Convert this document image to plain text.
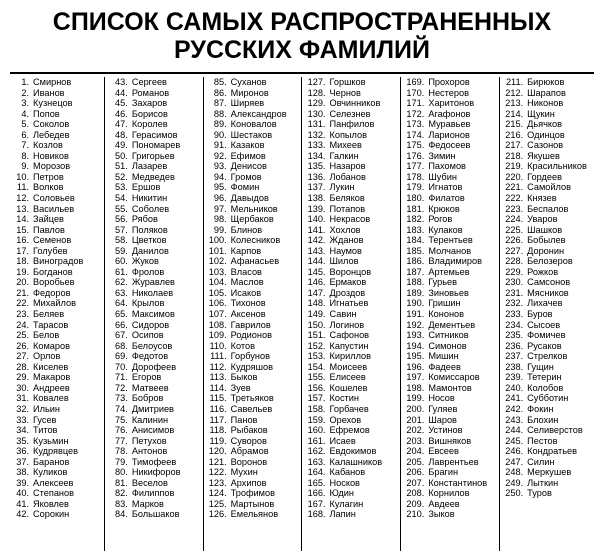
СПИСОК САМЫХ РАСПРОСТРАНЕННЫХ
РУССКИХ ФАМИЛИЙ
1. Смирнов
2. Иванов
3. Кузнецов
4. Попов
5. Соколов
6. Лебедев
7. Козлов
8. Новиков
9. Морозов
10. Петров
11. Волков
12. Соловьев
13. Васильев
14. Зайцев
15. Павлов
16. Семенов
17. Голубев
18. Виноградов
19. Богданов
20. Воробьев
21. Федоров
22. Михайлов
23. Беляев
24. Тарасов
25. Белов
26. Комаров
27. Орлов
28. Киселев
29. Макаров
30. Андреев
31. Ковалев
32. Ильин
33. Гусев
34. Титов
35. Кузьмин
36. Кудрявцев
37. Баранов
38. Куликов
39. Алексеев
40. Степанов
41. Яковлев
42. Сорокин
43. Сергеев
44. Романов
45. Захаров
46. Борисов
47. Королев
48. Герасимов
49. Пономарев
50. Григорьев
51. Лазарев
52. Медведев
53. Ершов
54. Никитин
55. Соболев
56. Рябов
57. Поляков
58. Цветков
59. Данилов
60. Жуков
61. Фролов
62. Журавлев
63. Николаев
64. Крылов
65. Максимов
66. Сидоров
67. Осипов
68. Белоусов
69. Федотов
70. Дорофеев
71. Егоров
72. Матвеев
73. Бобров
74. Дмитриев
75. Калинин
76. Анисимов
77. Петухов
78. Антонов
79. Тимофеев
80. Никифоров
81. Веселов
82. Филиппов
83. Марков
84. Большаков
85. Суханов
86. Миронов
87. Ширяев
88. Александров
89. Коновалов
90. Шестаков
91. Казаков
92. Ефимов
93. Денисов
94. Громов
95. Фомин
96. Давыдов
97. Мельников
98. Щербаков
99. Блинов
100. Колесников
101. Карпов
102. Афанасьев
103. Власов
104. Маслов
105. Исаков
106. Тихонов
107. Аксенов
108. Гаврилов
109. Родионов
110. Котов
111. Горбунов
112. Кудряшов
113. Быков
114. Зуев
115. Третьяков
116. Савельев
117. Панов
118. Рыбаков
119. Суворов
120. Абрамов
121. Воронов
122. Мухин
123. Архипов
124. Трофимов
125. Мартынов
126. Емельянов
127. Горшков
128. Чернов
129. Овчинников
130. Селезнев
131. Панфилов
132. Копылов
133. Михеев
134. Галкин
135. Назаров
136. Лобанов
137. Лукин
138. Беляков
139. Потапов
140. Некрасов
141. Хохлов
142. Жданов
143. Наумов
144. Шилов
145. Воронцов
146. Ермаков
147. Дроздов
148. Игнатьев
149. Савин
150. Логинов
151. Сафонов
152. Капустин
153. Кириллов
154. Моисеев
155. Елисеев
156. Кошелев
157. Костин
158. Горбачев
159. Орехов
160. Ефремов
161. Исаев
162. Евдокимов
163. Калашников
164. Кабанов
165. Носков
166. Юдин
167. Кулагин
168. Лапин
169. Прохоров
170. Нестеров
171. Харитонов
172. Агафонов
173. Муравьев
174. Ларионов
175. Федосеев
176. Зимин
177. Пахомов
178. Шубин
179. Игнатов
180. Филатов
181. Крюков
182. Рогов
183. Кулаков
184. Терентьев
185. Молчанов
186. Владимиров
187. Артемьев
188. Гурьев
189. Зиновьев
190. Гришин
191. Кононов
192. Дементьев
193. Ситников
194. Симонов
195. Мишин
196. Фадеев
197. Комиссаров
198. Мамонтов
199. Носов
200. Гуляев
201. Шаров
202. Устинов
203. Вишняков
204. Евсеев
205. Лаврентьев
206. Брагин
207. Константинов
208. Корнилов
209. Авдеев
210. Зыков
211. Бирюков
212. Шарапов
213. Никонов
214. Щукин
215. Дьячков
216. Одинцов
217. Сазонов
218. Якушев
219. Красильников
220. Гордеев
221. Самойлов
222. Князев
223. Беспалов
224. Уваров
225. Шашков
226. Бобылев
227. Доронин
228. Белозеров
229. Рожков
230. Самсонов
231. Мясников
232. Лихачев
233. Буров
234. Сысоев
235. Фомичев
236. Русаков
237. Стрелков
238. Гущин
239. Тетерин
240. Колобов
241. Субботин
242. Фокин
243. Блохин
244. Селиверстов
245. Пестов
246. Кондратьев
247. Силин
248. Меркушев
249. Лыткин
250. Туров
